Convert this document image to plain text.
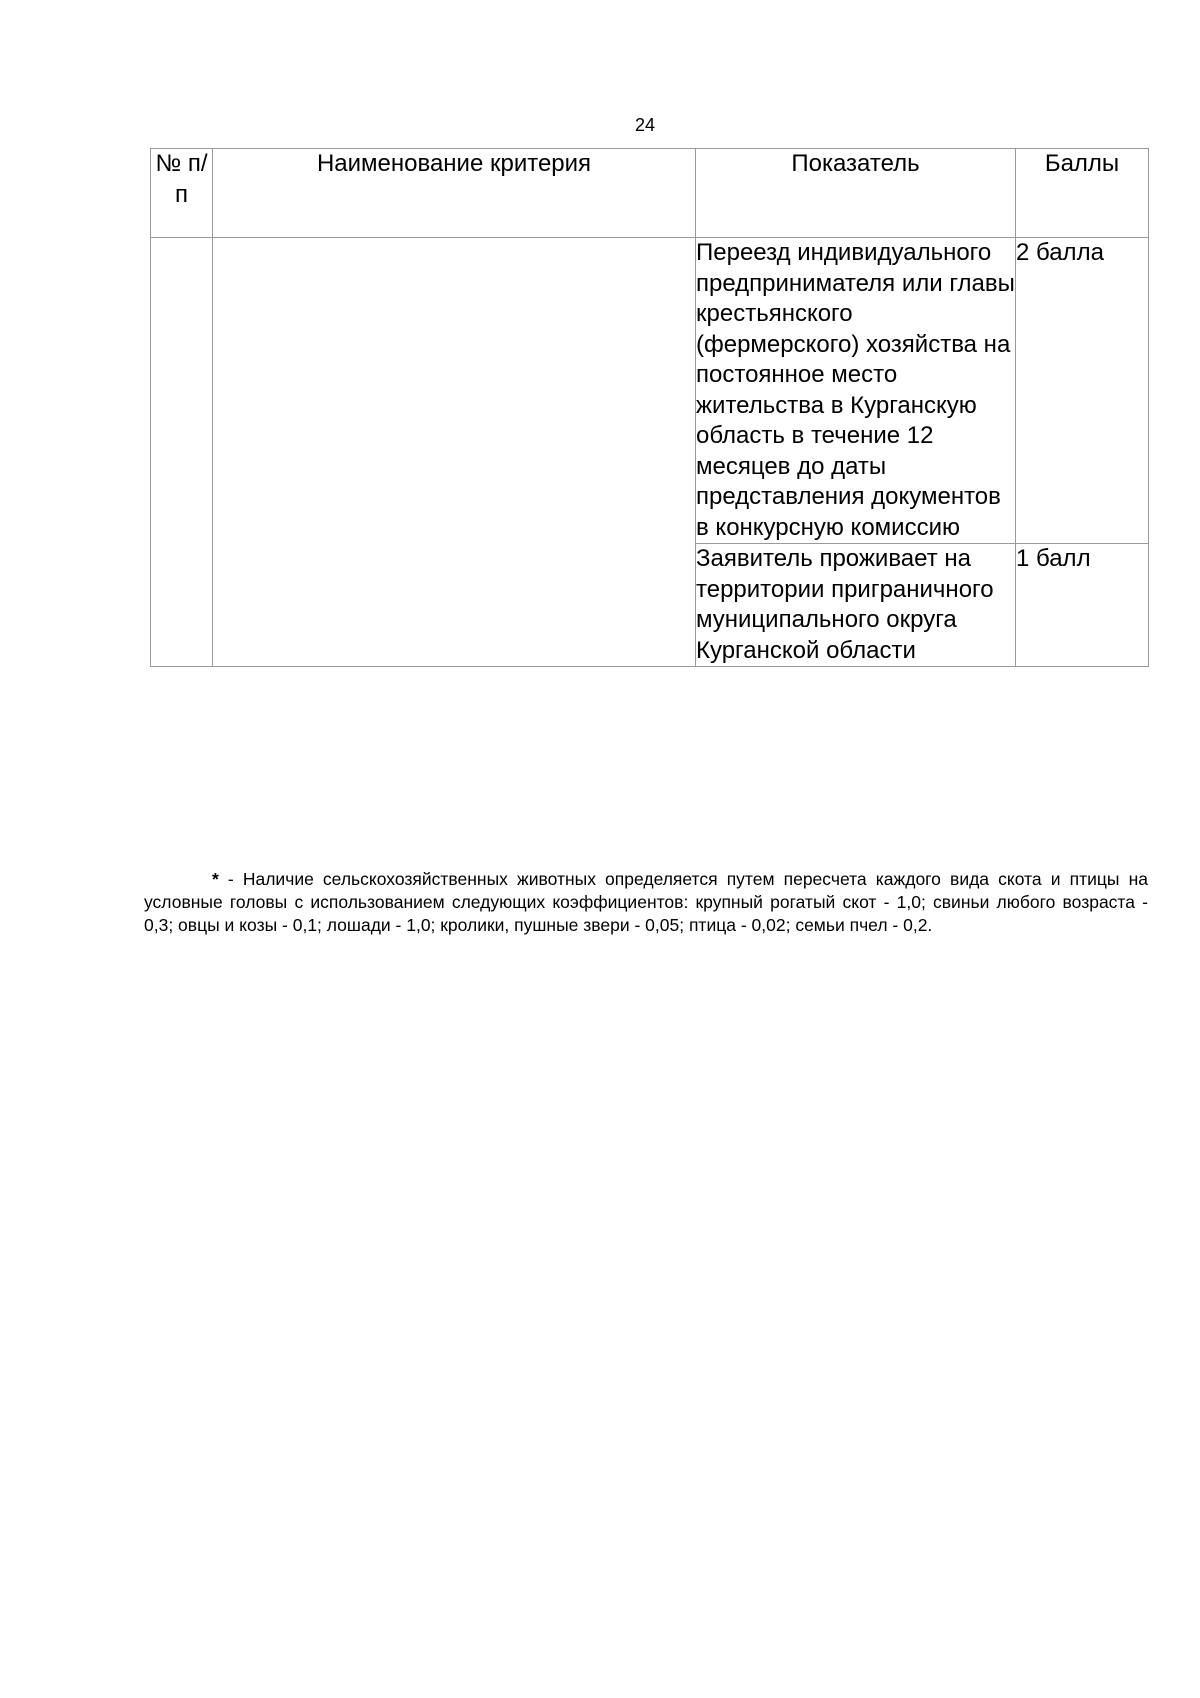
24
№ п/п	Наименование критерия	Показатель	Баллы
		Переезд индивидуального предпринимателя или главы крестьянского (фермерского) хозяйства на постоянное место жительства в Курганскую область в течение 12 месяцев до даты представления документов в конкурсную комиссию	2 балла
		Заявитель проживает на территории приграничного муниципального округа Курганской области	1 балл

* - Наличие сельскохозяйственных животных определяется путем пересчета каждого вида скота и птицы на условные головы с использованием следующих коэффициентов: крупный рогатый скот - 1,0; свиньи любого возраста - 0,3; овцы и козы - 0,1; лошади - 1,0; кролики, пушные звери - 0,05; птица - 0,02; семьи пчел - 0,2.
